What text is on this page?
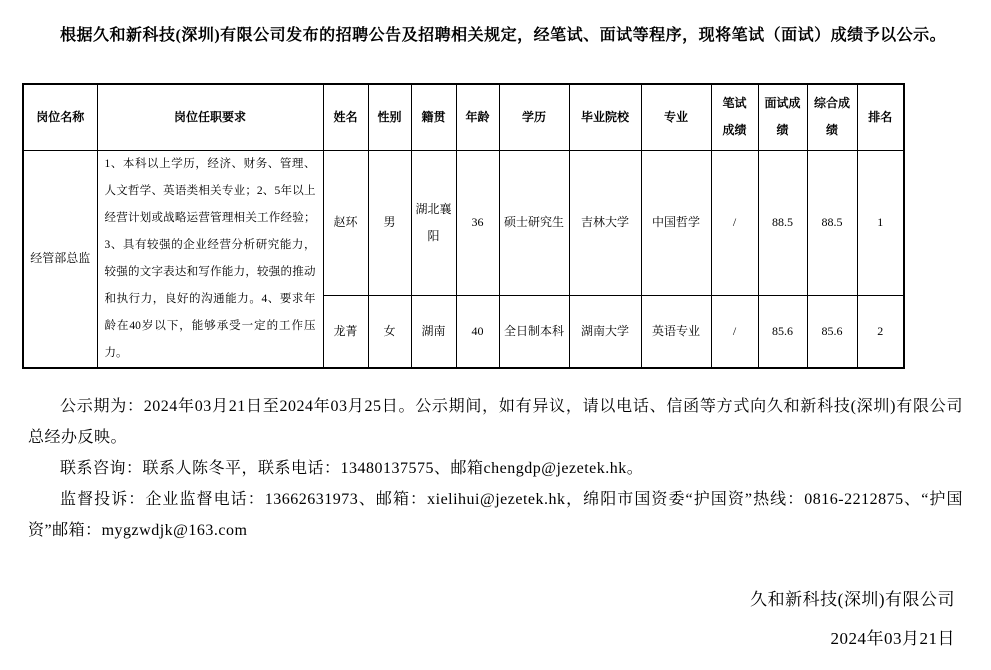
根据久和新科技(深圳)有限公司发布的招聘公告及招聘相关规定，经笔试、面试等程序，现将笔试（面试）成绩予以公示。

岗位名称	岗位任职要求	姓名	性别	籍贯	年龄	学历	毕业院校	专业	笔试成绩	面试成绩	综合成绩	排名
经管部总监	1、本科以上学历，经济、财务、管理、人文哲学、英语类相关专业；2、5年以上经营计划或战略运营管理相关工作经验；3、具有较强的企业经营分析研究能力，较强的文字表达和写作能力，较强的推动和执行力，良好的沟通能力。4、要求年龄在40岁以下，能够承受一定的工作压力。	赵环	男	湖北襄阳	36	硕士研究生	吉林大学	中国哲学	/	88.5	88.5	1
		龙菁	女	湖南	40	全日制本科	湖南大学	英语专业	/	85.6	85.6	2

公示期为：2024年03月21日至2024年03月25日。公示期间，如有异议，请以电话、信函等方式向久和新科技(深圳)有限公司 总经办反映。

联系咨询：联系人陈冬平，联系电话：13480137575、邮箱chengdp@jezetek.hk。

监督投诉：企业监督电话：13662631973、邮箱：xielihui@jezetek.hk，绵阳市国资委“护国资”热线：0816-2212875、“护国资”邮箱：mygzwdjk@163.com

久和新科技(深圳)有限公司
2024年03月21日
